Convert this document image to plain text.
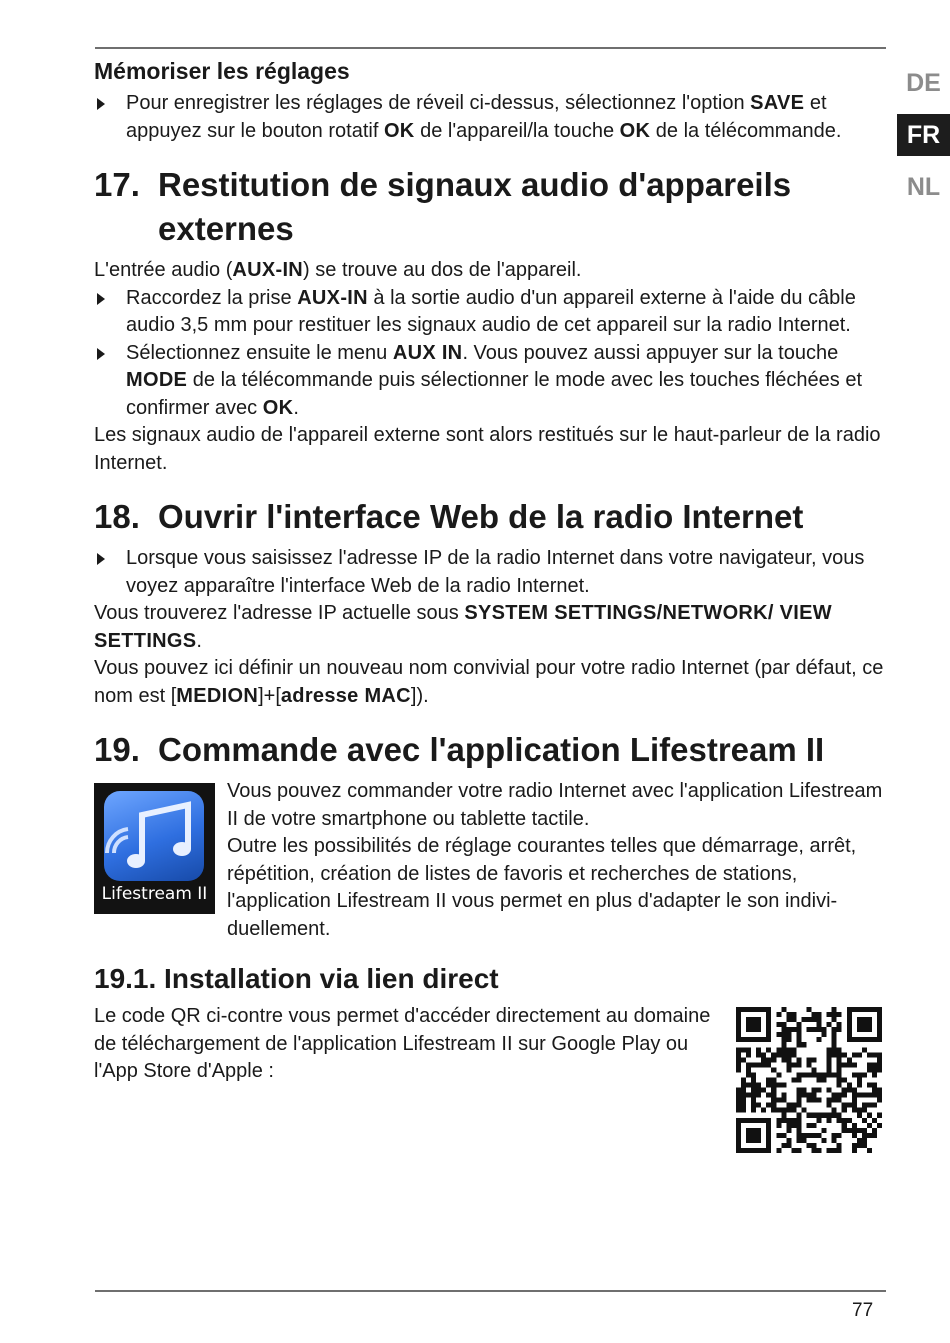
DE
FR
NL
Mémoriser les réglages

Pour enregistrer les réglages de réveil ci-dessus, sélectionnez l'option SAVE et appuyez sur le bouton rotatif OK de l'appareil/la touche OK de la télécommande.

17. Restitution de signaux audio d'appareils externes

L'entrée audio (AUX-IN) se trouve au dos de l'appareil.

Raccordez la prise AUX-IN à la sortie audio d'un appareil externe à l'aide du câble audio 3,5 mm pour restituer les signaux audio de cet appareil sur la radio Internet.

Sélectionnez ensuite le menu AUX IN. Vous pouvez aussi appuyer sur la touche MODE de la télécommande puis sélectionner le mode avec les touches fléchées et confirmer avec OK.

Les signaux audio de l'appareil externe sont alors restitués sur le haut-parleur de la radio Internet.

18. Ouvrir l'interface Web de la radio Internet

Lorsque vous saisissez l'adresse IP de la radio Internet dans votre navigateur, vous voyez apparaître l'interface Web de la radio Internet.

Vous trouverez l'adresse IP actuelle sous SYSTEM SETTINGS/NETWORK/ VIEW SETTINGS.

Vous pouvez ici définir un nouveau nom convivial pour votre radio Internet (par défaut, ce nom est [MEDION]+[adresse MAC]).

19. Commande avec l'application Lifestream II
Lifestream II

Vous pouvez commander votre radio Internet avec l'application Lifestream II de votre smartphone ou tablette tactile.

Outre les possibilités de réglage courantes telles que démarrage, arrêt, répétition, création de listes de favoris et recherches de stations, l'application Lifestream II vous permet en plus d'adapter le son individuellement.

19.1. Installation via lien direct

Le code QR ci-contre vous permet d'accéder directement au domaine de téléchargement de l'application Lifestream II sur Google Play ou l'App Store d'Apple :

77
